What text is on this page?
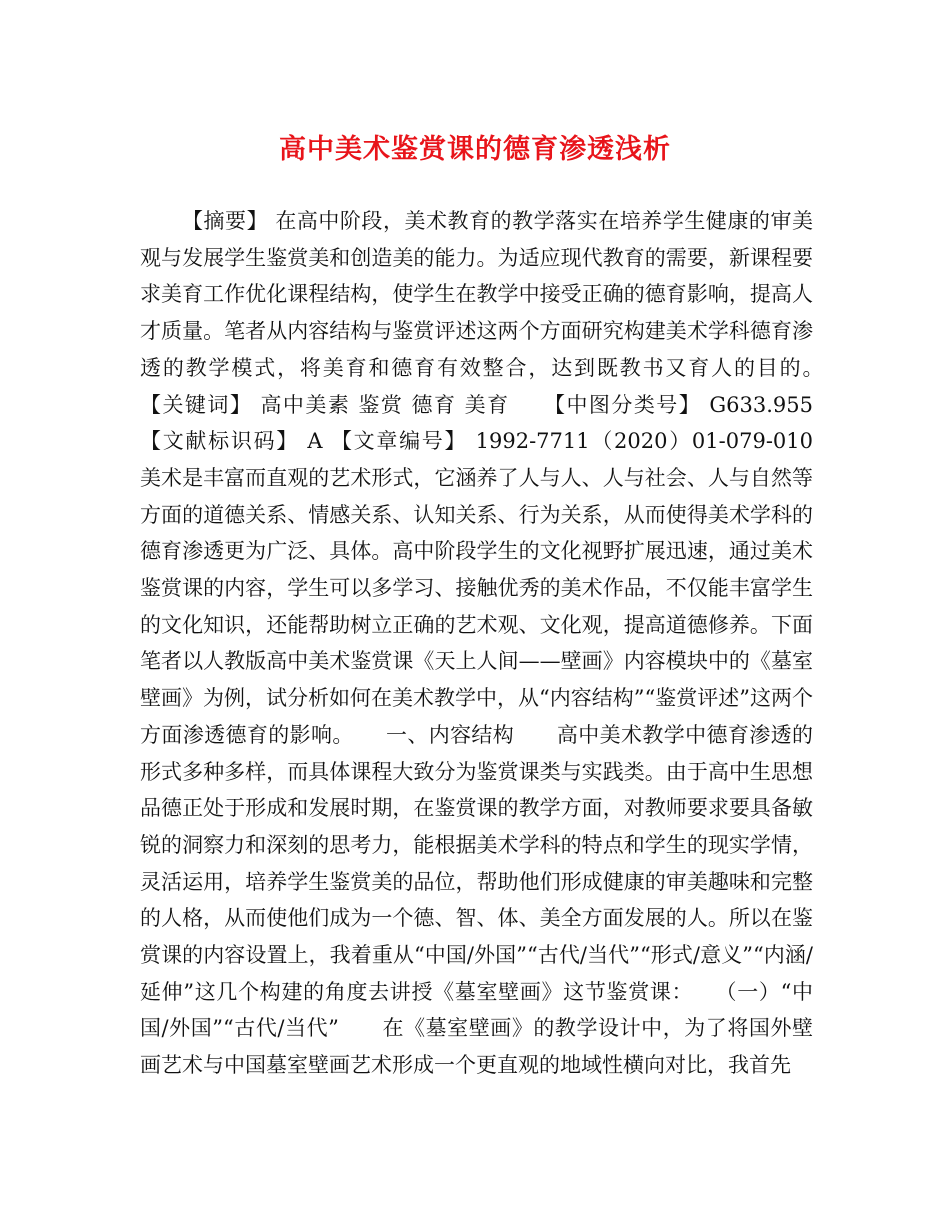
高中美术鉴赏课的德育渗透浅析

【摘要】 在高中阶段，美术教育的教学落实在培养学生健康的审美观与发展学生鉴赏美和创造美的能力。为适应现代教育的需要，新课程要求美育工作优化课程结构，使学生在教学中接受正确的德育影响，提高人才质量。笔者从内容结构与鉴赏评述这两个方面研究构建美术学科德育渗透的教学模式，将美育和德育有效整合，达到既教书又育人的目的。　　【关键词】 高中美素 鉴赏 德育 美育　　【中图分类号】 G633.955 【文献标识码】 A 【文章编号】 1992-7711（2020）01-079-010　　美术是丰富而直观的艺术形式，它涵养了人与人、人与社会、人与自然等方面的道德关系、情感关系、认知关系、行为关系，从而使得美术学科的德育渗透更为广泛、具体。高中阶段学生的文化视野扩展迅速，通过美术鉴赏课的内容，学生可以多学习、接触优秀的美术作品，不仅能丰富学生的文化知识，还能帮助树立正确的艺术观、文化观，提高道德修养。下面笔者以人教版高中美术鉴赏课《天上人间——壁画》内容模块中的《墓室壁画》为例，试分析如何在美术教学中，从“内容结构”“鉴赏评述”这两个方面渗透德育的影响。　　一、内容结构　　高中美术教学中德育渗透的形式多种多样，而具体课程大致分为鉴赏课类与实践类。由于高中生思想品德正处于形成和发展时期，在鉴赏课的教学方面，对教师要求要具备敏锐的洞察力和深刻的思考力，能根据美术学科的特点和学生的现实学情，灵活运用，培养学生鉴赏美的品位，帮助他们形成健康的审美趣味和完整的人格，从而使他们成为一个德、智、体、美全方面发展的人。所以在鉴赏课的内容设置上，我着重从“中国/外国”“古代/当代”“形式/意义”“内涵/延伸”这几个构建的角度去讲授《墓室壁画》这节鉴赏课：　　（一）“中国/外国”“古代/当代”　　在《墓室壁画》的教学设计中，为了将国外壁画艺术与中国墓室壁画艺术形成一个更直观的地域性横向对比，我首先
